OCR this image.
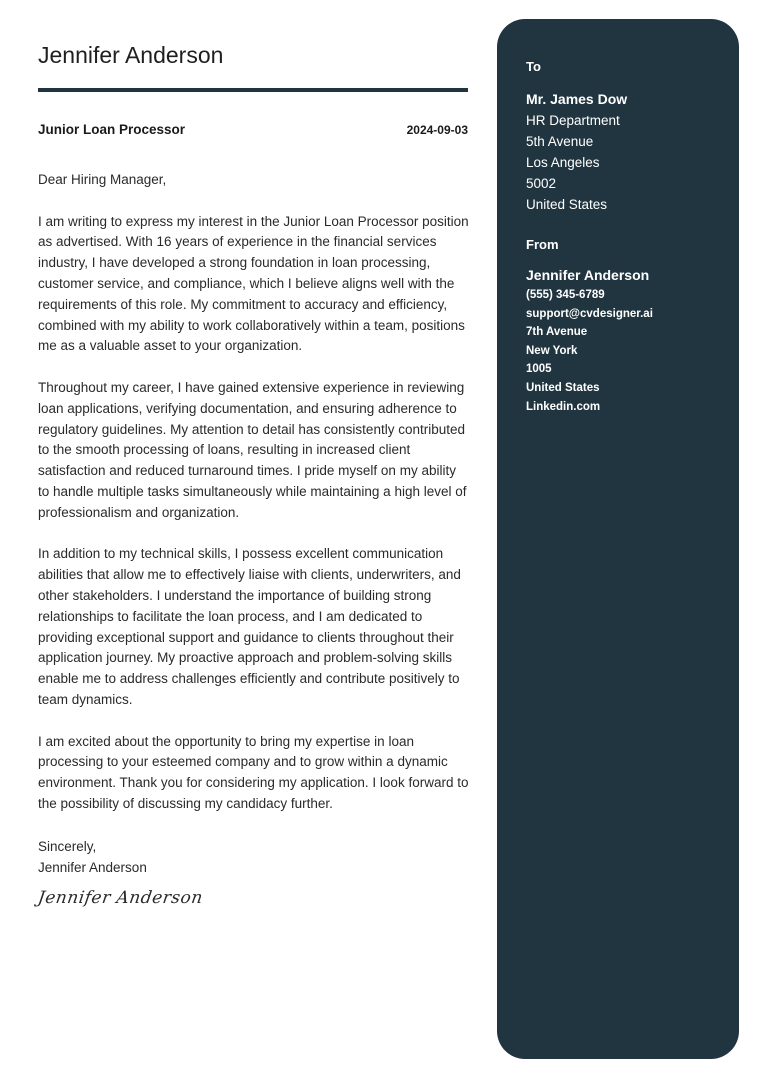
Jennifer Anderson
Junior Loan Processor	2024-09-03

Dear Hiring Manager,

I am writing to express my interest in the Junior Loan Processor position as advertised. With 16 years of experience in the financial services industry, I have developed a strong foundation in loan processing, customer service, and compliance, which I believe aligns well with the requirements of this role. My commitment to accuracy and efficiency, combined with my ability to work collaboratively within a team, positions me as a valuable asset to your organization.

Throughout my career, I have gained extensive experience in reviewing loan applications, verifying documentation, and ensuring adherence to regulatory guidelines. My attention to detail has consistently contributed to the smooth processing of loans, resulting in increased client satisfaction and reduced turnaround times. I pride myself on my ability to handle multiple tasks simultaneously while maintaining a high level of professionalism and organization.

In addition to my technical skills, I possess excellent communication abilities that allow me to effectively liaise with clients, underwriters, and other stakeholders. I understand the importance of building strong relationships to facilitate the loan process, and I am dedicated to providing exceptional support and guidance to clients throughout their application journey. My proactive approach and problem-solving skills enable me to address challenges efficiently and contribute positively to team dynamics.

I am excited about the opportunity to bring my expertise in loan processing to your esteemed company and to grow within a dynamic environment. Thank you for considering my application. I look forward to the possibility of discussing my candidacy further.

Sincerely,
Jennifer Anderson
Jennifer Anderson
To
Mr. James Dow
HR Department
5th Avenue
Los Angeles
5002
United States
From
Jennifer Anderson
(555) 345-6789
support@cvdesigner.ai
7th Avenue
New York
1005
United States
Linkedin.com
